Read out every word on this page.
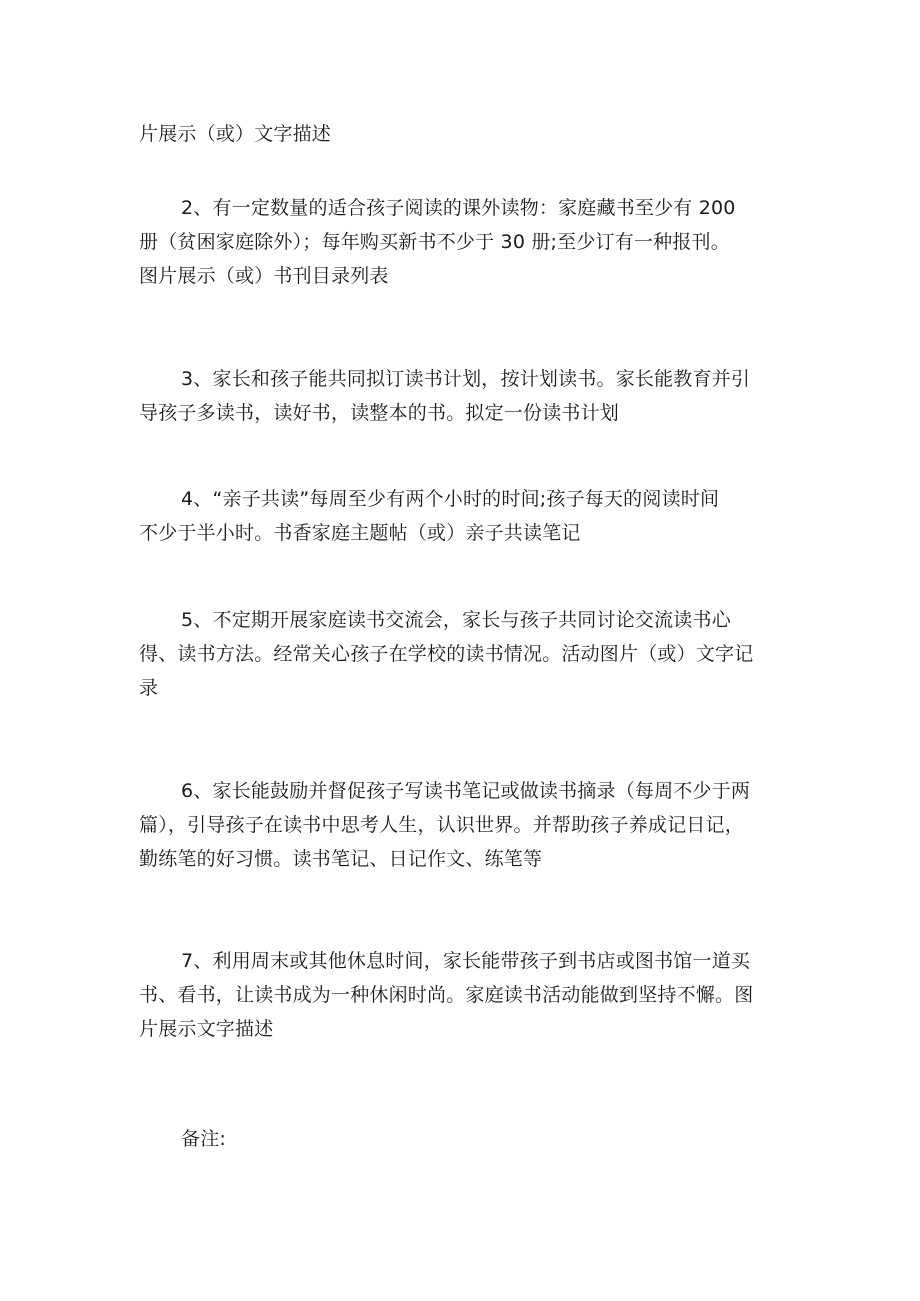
片展示（或）文字描述
2、有一定数量的适合孩子阅读的课外读物：家庭藏书至少有 200
册（贫困家庭除外）；每年购买新书不少于 30 册;至少订有一种报刊。
图片展示（或）书刊目录列表
3、家长和孩子能共同拟订读书计划，按计划读书。家长能教育并引
导孩子多读书，读好书，读整本的书。拟定一份读书计划
4、“亲子共读”每周至少有两个小时的时间;孩子每天的阅读时间
不少于半小时。书香家庭主题帖（或）亲子共读笔记
5、不定期开展家庭读书交流会，家长与孩子共同讨论交流读书心
得、读书方法。经常关心孩子在学校的读书情况。活动图片（或）文字记
录
6、家长能鼓励并督促孩子写读书笔记或做读书摘录（每周不少于两
篇），引导孩子在读书中思考人生，认识世界。并帮助孩子养成记日记，
勤练笔的好习惯。读书笔记、日记作文、练笔等
7、利用周末或其他休息时间，家长能带孩子到书店或图书馆一道买
书、看书，让读书成为一种休闲时尚。家庭读书活动能做到坚持不懈。图
片展示文字描述
备注:
